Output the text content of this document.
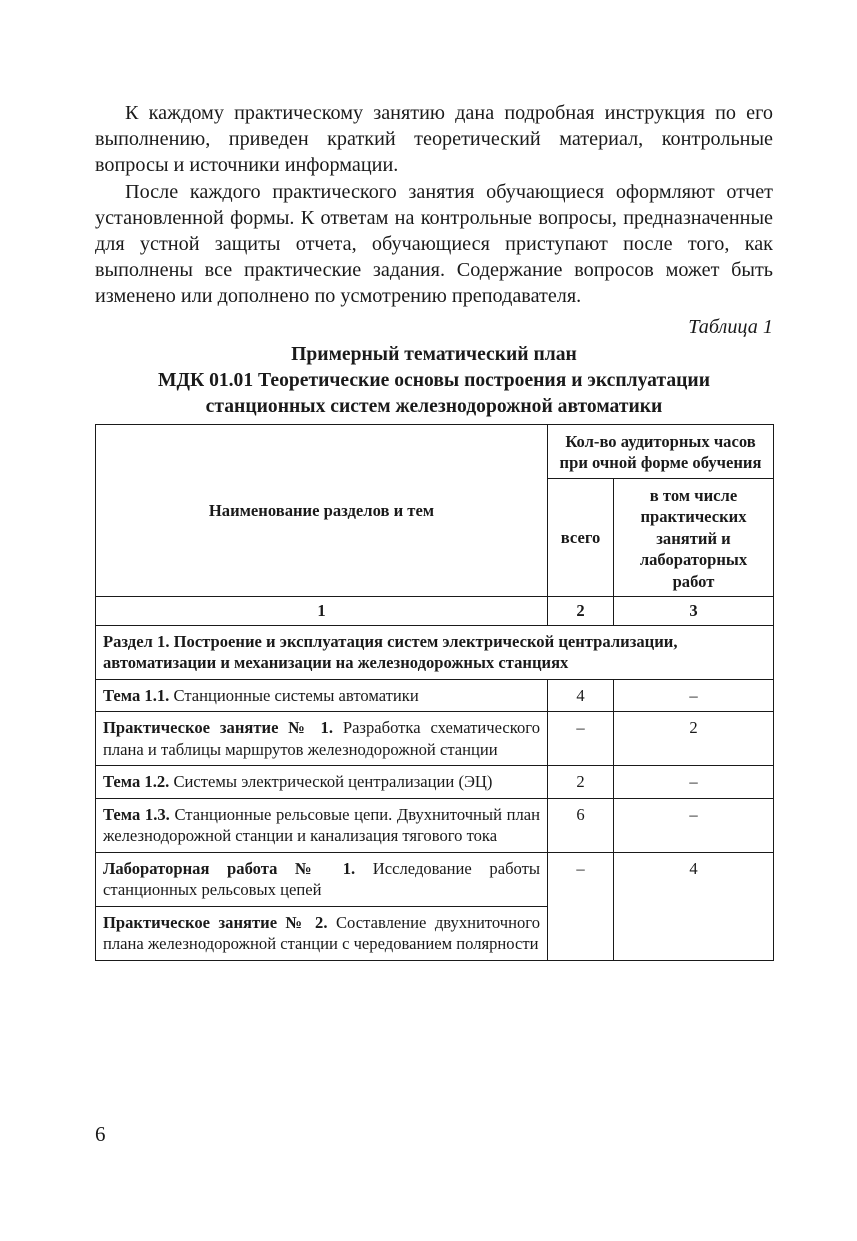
К каждому практическому занятию дана подробная инструкция по его выполнению, приведен краткий теоретический материал, контрольные вопросы и источники информации.

После каждого практического занятия обучающиеся оформляют отчет установленной формы. К ответам на контрольные вопросы, предназначенные для устной защиты отчета, обучающиеся приступают после того, как выполнены все практические задания. Содержание вопросов может быть изменено или дополнено по усмотрению преподавателя.

Таблица 1
Примерный тематический план
МДК 01.01 Теоретические основы построения и эксплуатации
станционных систем железнодорожной автоматики
Наименование разделов и тем	Кол-во аудиторных часов при очной форме обучения	
	всего	в том числе практических занятий и лабораторных работ
1	2	3
Раздел 1. Построение и эксплуатация систем электрической централизации, автоматизации и механизации на железнодорожных станциях		
Тема 1.1. Станционные системы автоматики	4	–
Практическое занятие № 1. Разработка схематического плана и таблицы маршрутов железнодорожной станции	–	2
Тема 1.2. Системы электрической централизации (ЭЦ)	2	–
Тема 1.3. Станционные рельсовые цепи. Двухниточный план железнодорожной станции и канализация тягового тока	6	–
Лабораторная работа № 1. Исследование работы станционных рельсовых цепей	–	4
Практическое занятие № 2. Составление двухниточного плана железнодорожной станции с чередованием полярности		
6
